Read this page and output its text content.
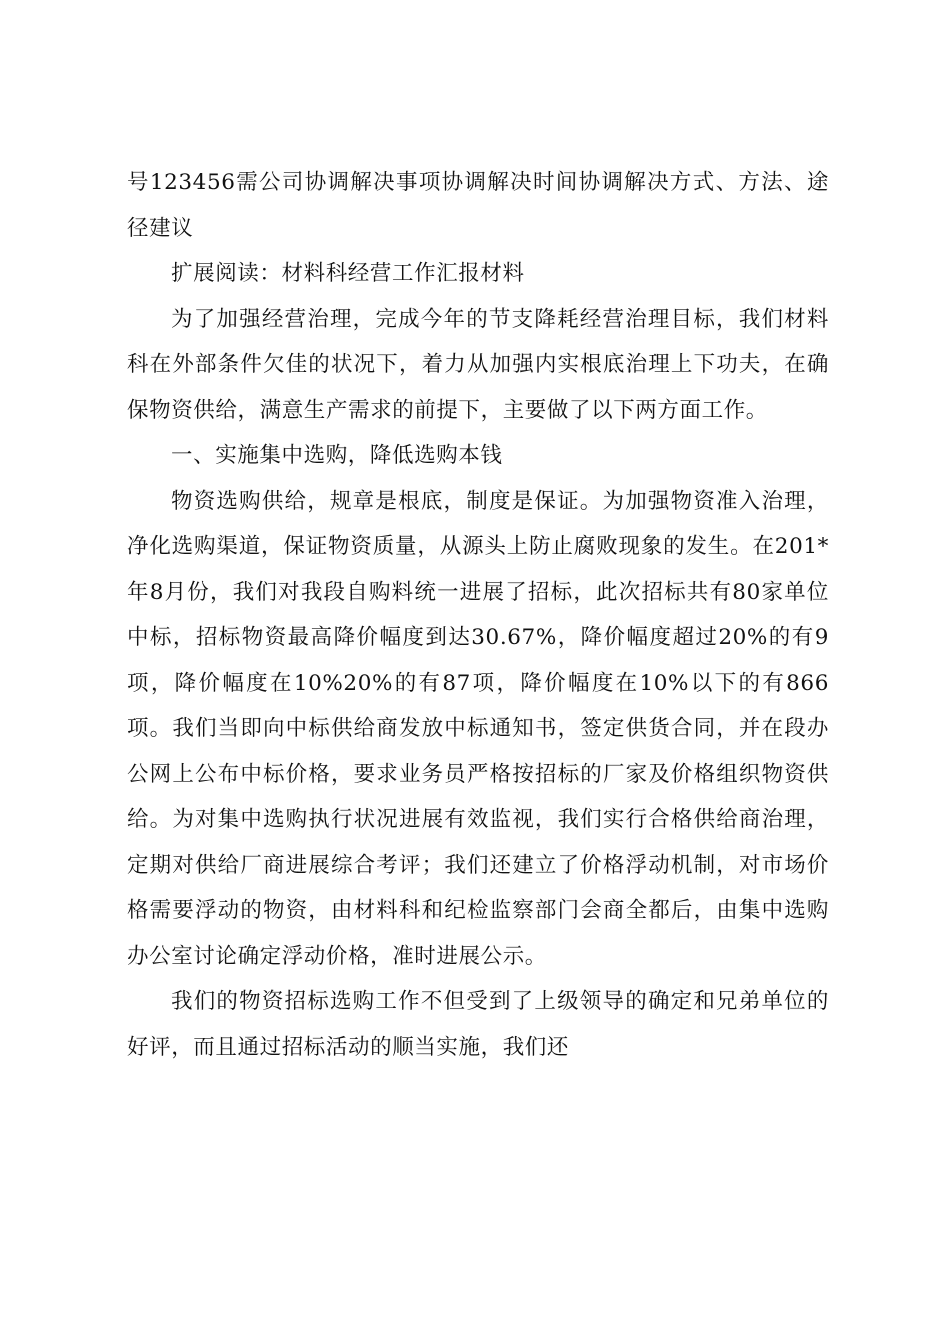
号123456需公司协调解决事项协调解决时间协调解决方式、方法、途径建议

扩展阅读：材料科经营工作汇报材料

为了加强经营治理，完成今年的节支降耗经营治理目标，我们材料科在外部条件欠佳的状况下，着力从加强内实根底治理上下功夫，在确保物资供给，满意生产需求的前提下，主要做了以下两方面工作。

一、实施集中选购，降低选购本钱

物资选购供给，规章是根底，制度是保证。为加强物资准入治理，净化选购渠道，保证物资质量，从源头上防止腐败现象的发生。在201*年8月份，我们对我段自购料统一进展了招标，此次招标共有80家单位中标，招标物资最高降价幅度到达30.67%，降价幅度超过20%的有9项，降价幅度在10%20%的有87项，降价幅度在10%以下的有866项。我们当即向中标供给商发放中标通知书，签定供货合同，并在段办公网上公布中标价格，要求业务员严格按招标的厂家及价格组织物资供给。为对集中选购执行状况进展有效监视，我们实行合格供给商治理，定期对供给厂商进展综合考评；我们还建立了价格浮动机制，对市场价格需要浮动的物资，由材料科和纪检监察部门会商全都后，由集中选购办公室讨论确定浮动价格，准时进展公示。

我们的物资招标选购工作不但受到了上级领导的确定和兄弟单位的好评，而且通过招标活动的顺当实施，我们还
